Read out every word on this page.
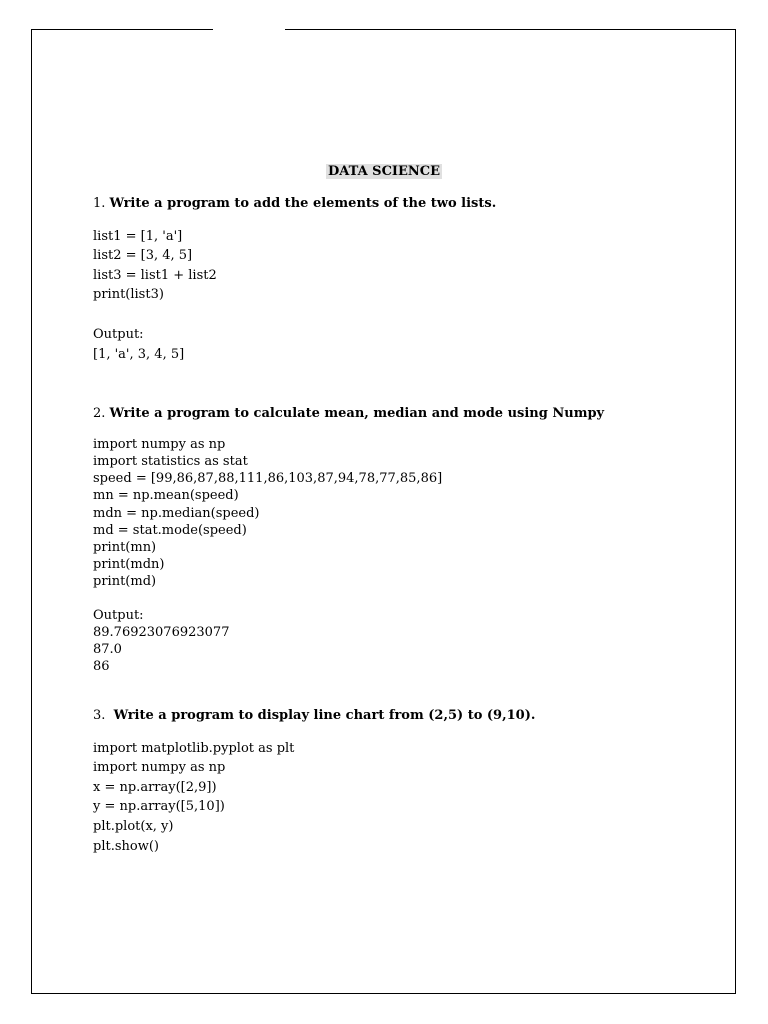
DATA SCIENCE
1. Write a program to add the elements of the two lists.
list1 = [1, 'a']
list2 = [3, 4, 5]
list3 = list1 + list2
print(list3)
Output:
[1, 'a', 3, 4, 5]
2. Write a program to calculate mean, median and mode using Numpy
import numpy as np
import statistics as stat
speed = [99,86,87,88,111,86,103,87,94,78,77,85,86]
mn = np.mean(speed)
mdn = np.median(speed)
md = stat.mode(speed)
print(mn)
print(mdn)
print(md)
Output:
89.76923076923077
87.0
86
3. Write a program to display line chart from (2,5) to (9,10).
import matplotlib.pyplot as plt
import numpy as np
x = np.array([2,9])
y = np.array([5,10])
plt.plot(x, y)
plt.show()
